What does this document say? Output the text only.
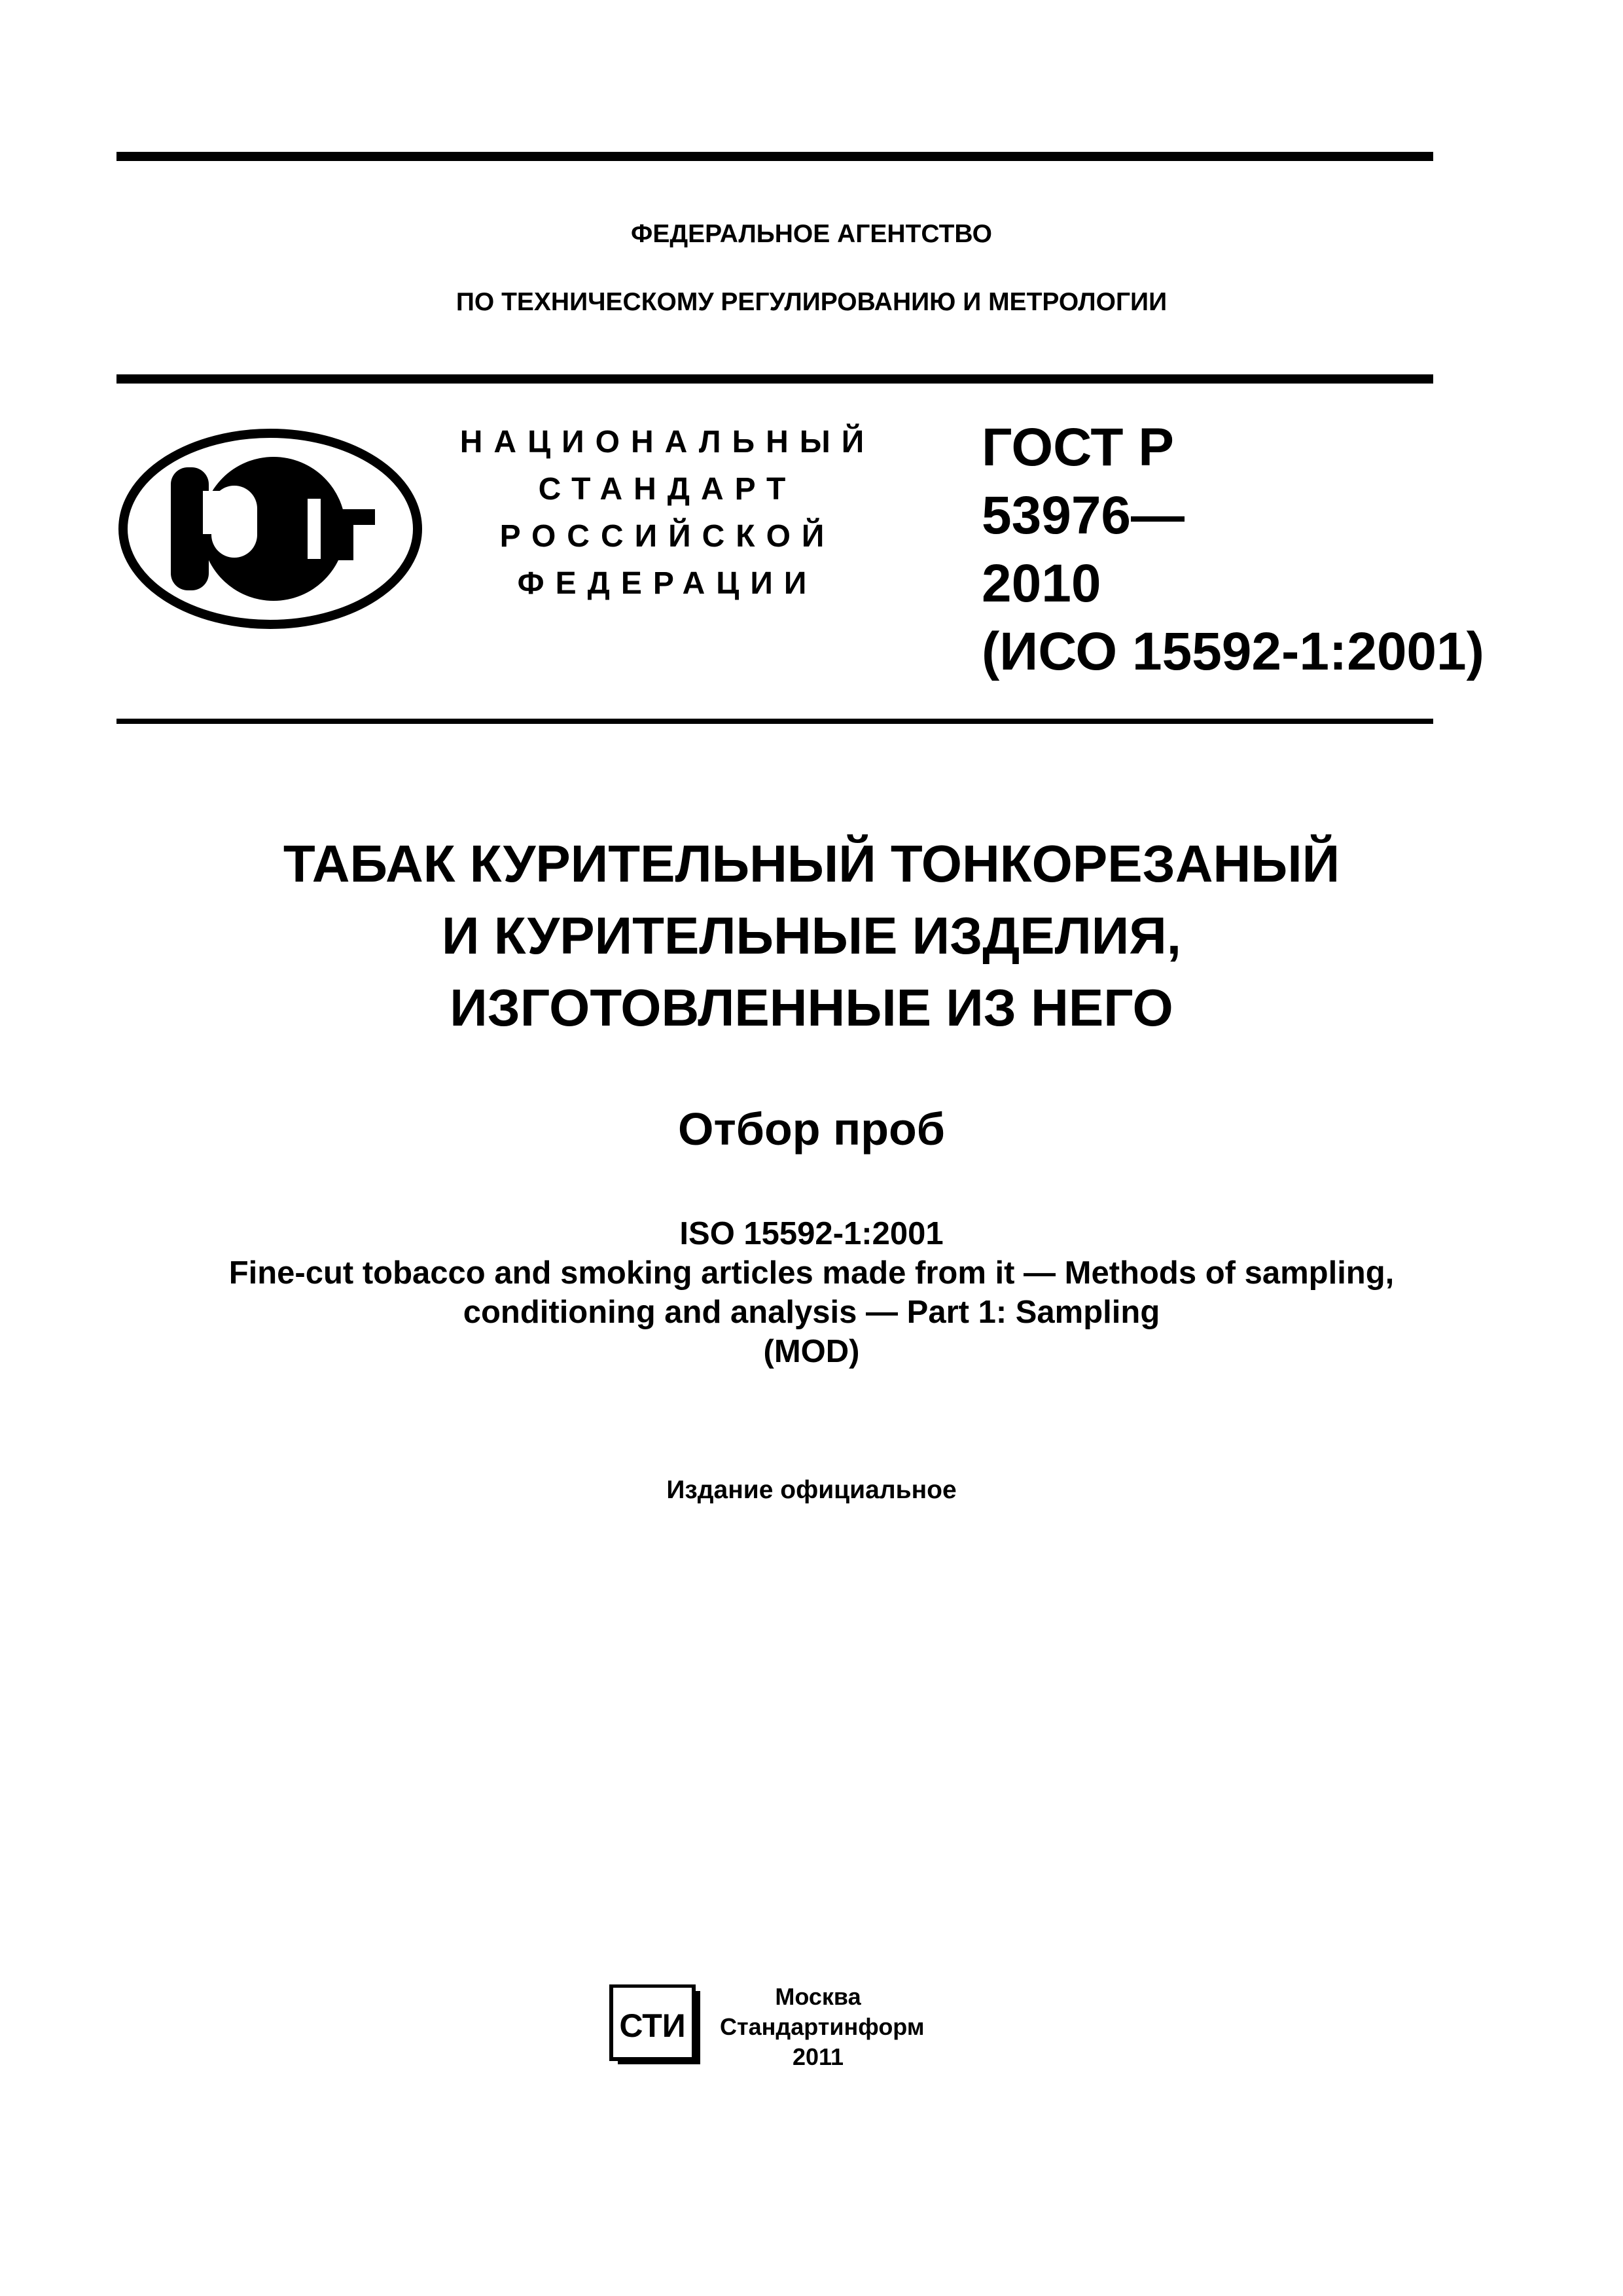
ФЕДЕРАЛЬНОЕ АГЕНТСТВО
ПО ТЕХНИЧЕСКОМУ РЕГУЛИРОВАНИЮ И МЕТРОЛОГИИ
НАЦИОНАЛЬНЫЙ
СТАНДАРТ
РОССИЙСКОЙ
ФЕДЕРАЦИИ
ГОСТ Р
53976—
2010
(ИСО 15592-1:2001)
ТАБАК КУРИТЕЛЬНЫЙ ТОНКОРЕЗАНЫЙ
И КУРИТЕЛЬНЫЕ ИЗДЕЛИЯ,
ИЗГОТОВЛЕННЫЕ ИЗ НЕГО
Отбор проб
ISO 15592-1:2001
Fine-cut tobacco and smoking articles made from it — Methods of sampling,
conditioning and analysis — Part 1: Sampling
(MOD)
Издание официальное
СТИ
Москва
Стандартинформ
2011
